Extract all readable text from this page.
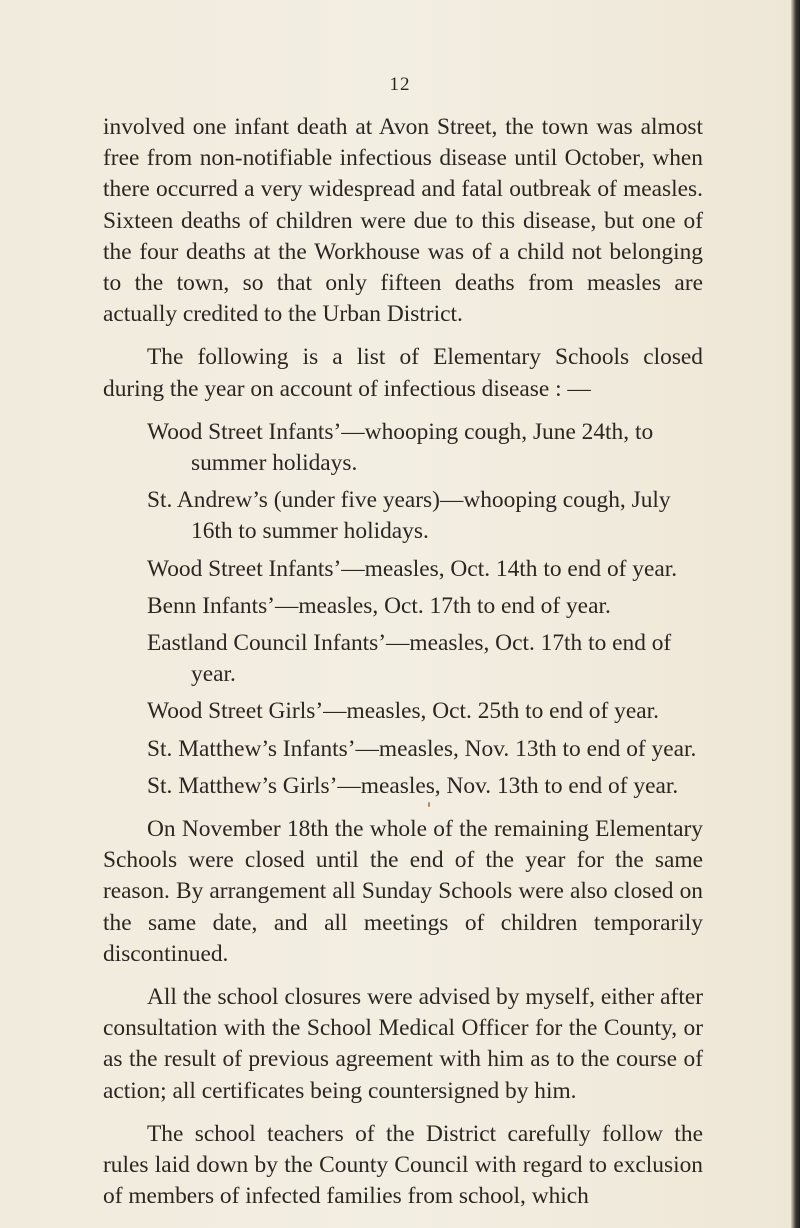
12

involved one infant death at Avon Street, the town was almost free from non-notifiable infectious disease until October, when there occurred a very widespread and fatal outbreak of measles. Sixteen deaths of children were due to this disease, but one of the four deaths at the Workhouse was of a child not belonging to the town, so that only fifteen deaths from measles are actually credited to the Urban District.

The following is a list of Elementary Schools closed during the year on account of infectious disease : —

Wood Street Infants’—whooping cough, June 24th, to summer holidays.

St. Andrew’s (under five years)—whooping cough, July 16th to summer holidays.

Wood Street Infants’—measles, Oct. 14th to end of year.

Benn Infants’—measles, Oct. 17th to end of year.

Eastland Council Infants’—measles, Oct. 17th to end of year.

Wood Street Girls’—measles, Oct. 25th to end of year.

St. Matthew’s Infants’—measles, Nov. 13th to end of year.

St. Matthew’s Girls’—measles, Nov. 13th to end of year.

On November 18th the whole of the remaining Elementary Schools were closed until the end of the year for the same reason. By arrangement all Sunday Schools were also closed on the same date, and all meetings of children temporarily discontinued.

All the school closures were advised by myself, either after consultation with the School Medical Officer for the County, or as the result of previous agreement with him as to the course of action; all certificates being countersigned by him.

The school teachers of the District carefully follow the rules laid down by the County Council with regard to exclusion of members of infected families from school, which
